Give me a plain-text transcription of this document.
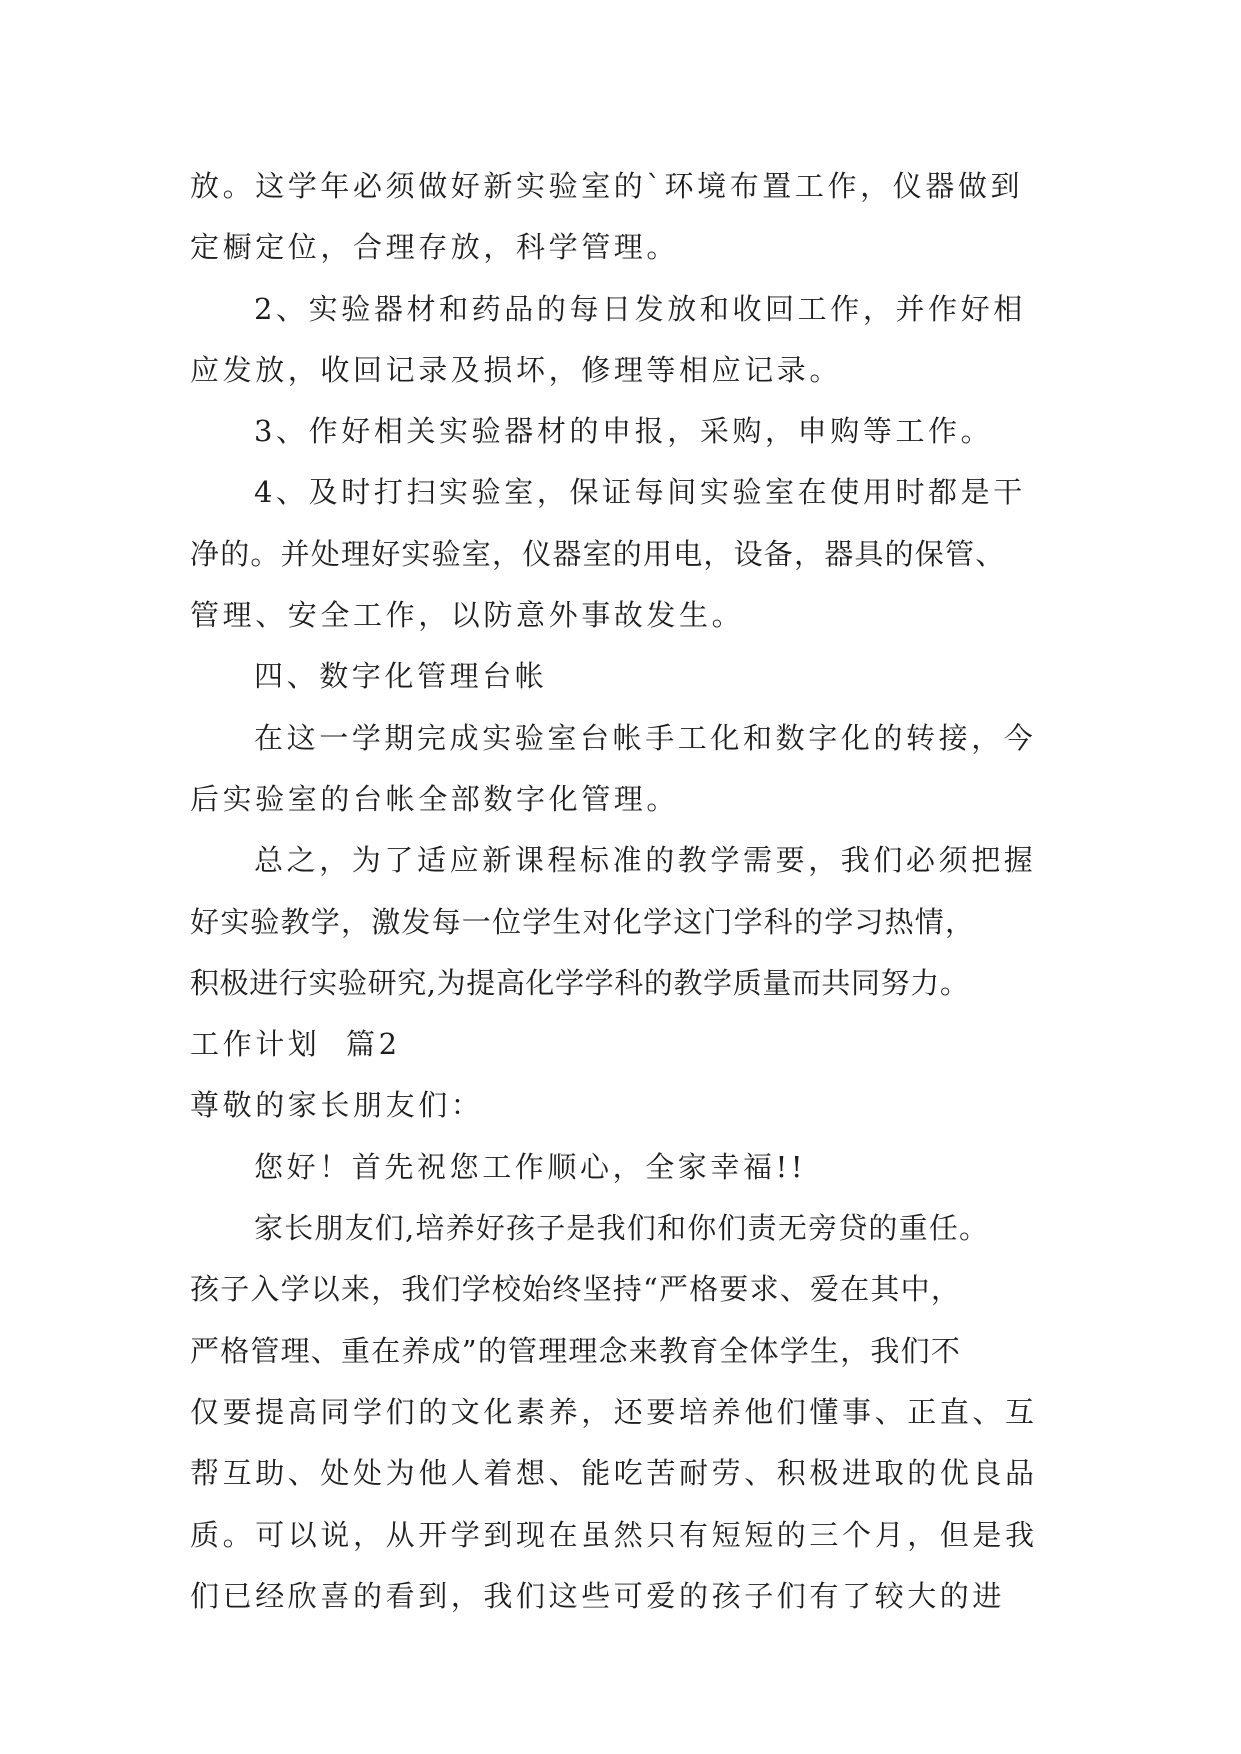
放。这学年必须做好新实验室的`环境布置工作，仪器做到
定橱定位，合理存放，科学管理。
2、实验器材和药品的每日发放和收回工作，并作好相
应发放，收回记录及损坏，修理等相应记录。
3、作好相关实验器材的申报，采购，申购等工作。
4、及时打扫实验室，保证每间实验室在使用时都是干
净的。并处理好实验室，仪器室的用电，设备，器具的保管、
管理、安全工作，以防意外事故发生。
四、数字化管理台帐
在这一学期完成实验室台帐手工化和数字化的转接，今
后实验室的台帐全部数字化管理。
总之，为了适应新课程标准的教学需要，我们必须把握
好实验教学，激发每一位学生对化学这门学科的学习热情，
积极进行实验研究,为提高化学学科的教学质量而共同努力。
工作计划  篇2
尊敬的家长朋友们：
您好！首先祝您工作顺心，全家幸福!!
家长朋友们,培养好孩子是我们和你们责无旁贷的重任。
孩子入学以来，我们学校始终坚持“严格要求、爱在其中，
严格管理、重在养成”的管理理念来教育全体学生，我们不
仅要提高同学们的文化素养，还要培养他们懂事、正直、互
帮互助、处处为他人着想、能吃苦耐劳、积极进取的优良品
质。可以说，从开学到现在虽然只有短短的三个月，但是我
们已经欣喜的看到，我们这些可爱的孩子们有了较大的进
